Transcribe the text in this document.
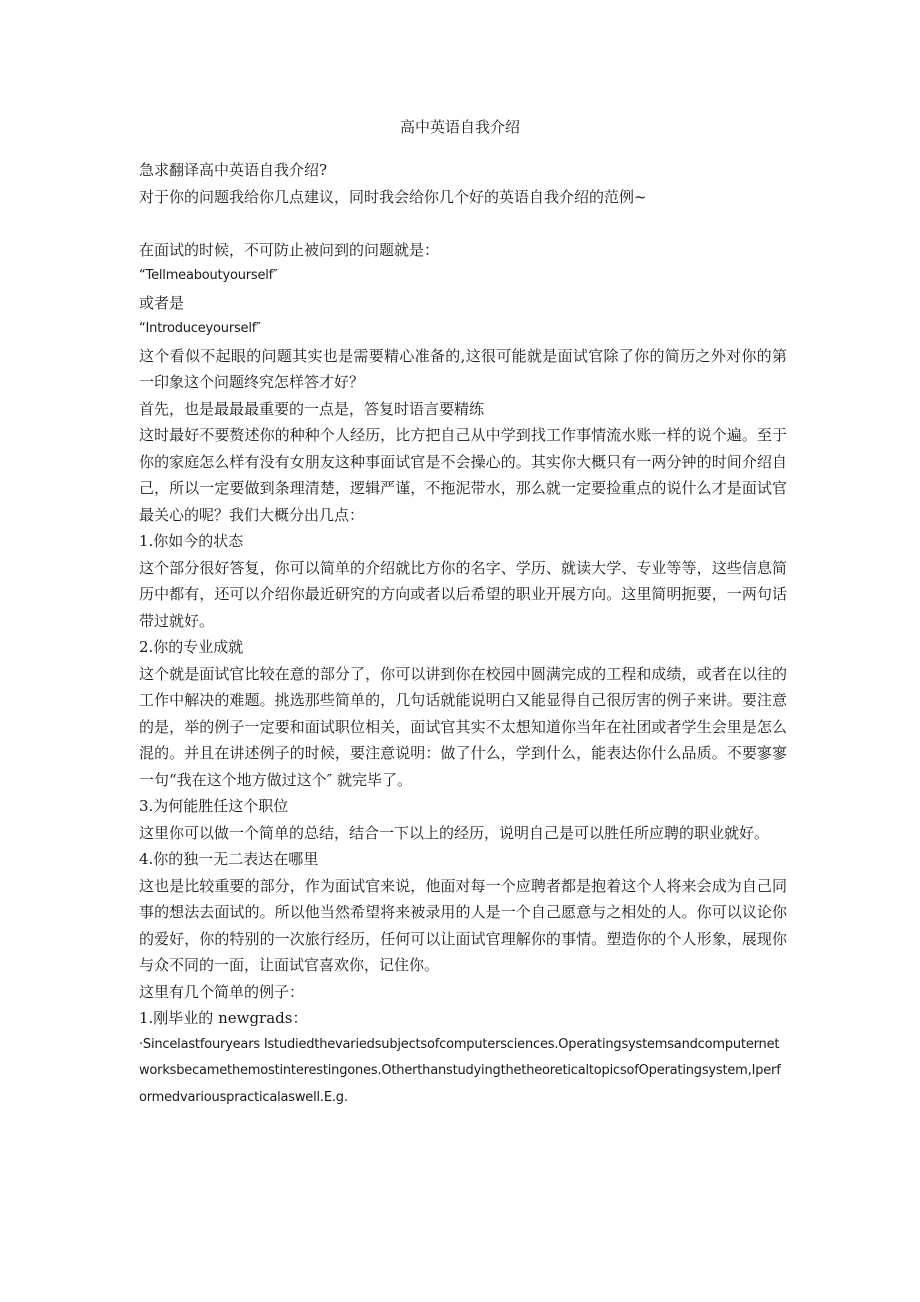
高中英语自我介绍

急求翻译高中英语自我介绍?

对于你的问题我给你几点建议，同时我会给你几个好的英语自我介绍的范例~

在面试的时候，不可防止被问到的问题就是：

“Tellmeaboutyourself″

或者是

“Introduceyourself″

这个看似不起眼的问题其实也是需要精心准备的,这很可能就是面试官除了你的简历之外对你的第一印象这个问题终究怎样答才好？

首先，也是最最最重要的一点是，答复时语言要精练

这时最好不要赘述你的种种个人经历，比方把自己从中学到找工作事情流水账一样的说个遍。至于你的家庭怎么样有没有女朋友这种事面试官是不会操心的。其实你大概只有一两分钟的时间介绍自己，所以一定要做到条理清楚，逻辑严谨，不拖泥带水，那么就一定要捡重点的说什么才是面试官最关心的呢？我们大概分出几点：

1.你如今的状态

这个部分很好答复，你可以简单的介绍就比方你的名字、学历、就读大学、专业等等，这些信息简历中都有，还可以介绍你最近研究的方向或者以后希望的职业开展方向。这里简明扼要，一两句话带过就好。

2.你的专业成就

这个就是面试官比较在意的部分了，你可以讲到你在校园中圆满完成的工程和成绩，或者在以往的工作中解决的难题。挑选那些简单的，几句话就能说明白又能显得自己很厉害的例子来讲。要注意的是，举的例子一定要和面试职位相关，面试官其实不太想知道你当年在社团或者学生会里是怎么混的。并且在讲述例子的时候，要注意说明：做了什么，学到什么，能表达你什么品质。不要寥寥一句“我在这个地方做过这个″ 就完毕了。

3.为何能胜任这个职位

这里你可以做一个简单的总结，结合一下以上的经历，说明自己是可以胜任所应聘的职业就好。

4.你的独一无二表达在哪里

这也是比较重要的部分，作为面试官来说，他面对每一个应聘者都是抱着这个人将来会成为自己同事的想法去面试的。所以他当然希望将来被录用的人是一个自己愿意与之相处的人。你可以议论你的爱好，你的特别的一次旅行经历，任何可以让面试官理解你的事情。塑造你的个人形象，展现你与众不同的一面，让面试官喜欢你，记住你。

这里有几个简单的例子：

1.刚毕业的 newgrads：

·Sincelastfouryears Istudiedthevariedsubjectsofcomputersciences.Operatingsystemsandcomputernetworksbecamethemostinterestingones.OtherthanstudyingthetheoreticaltopicsofOperatingsystem,Iperformedvariouspracticalaswell.E.g.
